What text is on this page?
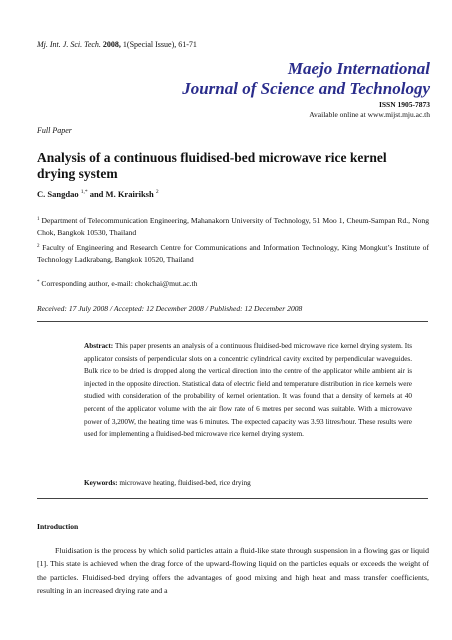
Mj. Int. J. Sci. Tech. 2008, 1(Special Issue), 61-71
Maejo International
Journal of Science and Technology
ISSN 1905-7873
Available online at www.mijst.mju.ac.th
Full Paper
Analysis of a continuous fluidised-bed microwave rice kernel drying system
C. Sangdao $^{1,*}$ and M. Krairiksh $^2$
$^1$ Department of Telecommunication Engineering, Mahanakorn University of Technology, 51 Moo 1, Cheum-Sampan Rd., Nong Chok, Bangkok 10530, Thailand
$^2$ Faculty of Engineering and Research Centre for Communications and Information Technology, King Mongkut’s Institute of Technology Ladkrabang, Bangkok 10520, Thailand
* Corresponding author, e-mail: chokchai@mut.ac.th
Received: 17 July 2008 / Accepted: 12 December 2008 / Published: 12 December 2008
Abstract: This paper presents an analysis of a continuous fluidised-bed microwave rice kernel drying system. Its applicator consists of perpendicular slots on a concentric cylindrical cavity excited by perpendicular waveguides. Bulk rice to be dried is dropped along the vertical direction into the centre of the applicator while ambient air is injected in the opposite direction. Statistical data of electric field and temperature distribution in rice kernels were studied with consideration of the probability of kernel orientation. It was found that a density of kernels at 40 percent of the applicator volume with the air flow rate of 6 metres per second was suitable. With a microwave power of 3,200W, the heating time was 6 minutes. The expected capacity was 3.93 litres/hour. These results were used for implementing a fluidised-bed microwave rice kernel drying system.
Keywords: microwave heating, fluidised-bed, rice drying
Introduction
Fluidisation is the process by which solid particles attain a fluid-like state through suspension in a flowing gas or liquid [1]. This state is achieved when the drag force of the upward-flowing liquid on the particles equals or exceeds the weight of the particles. Fluidised-bed drying offers the advantages of good mixing and high heat and mass transfer coefficients, resulting in an increased drying rate and a
